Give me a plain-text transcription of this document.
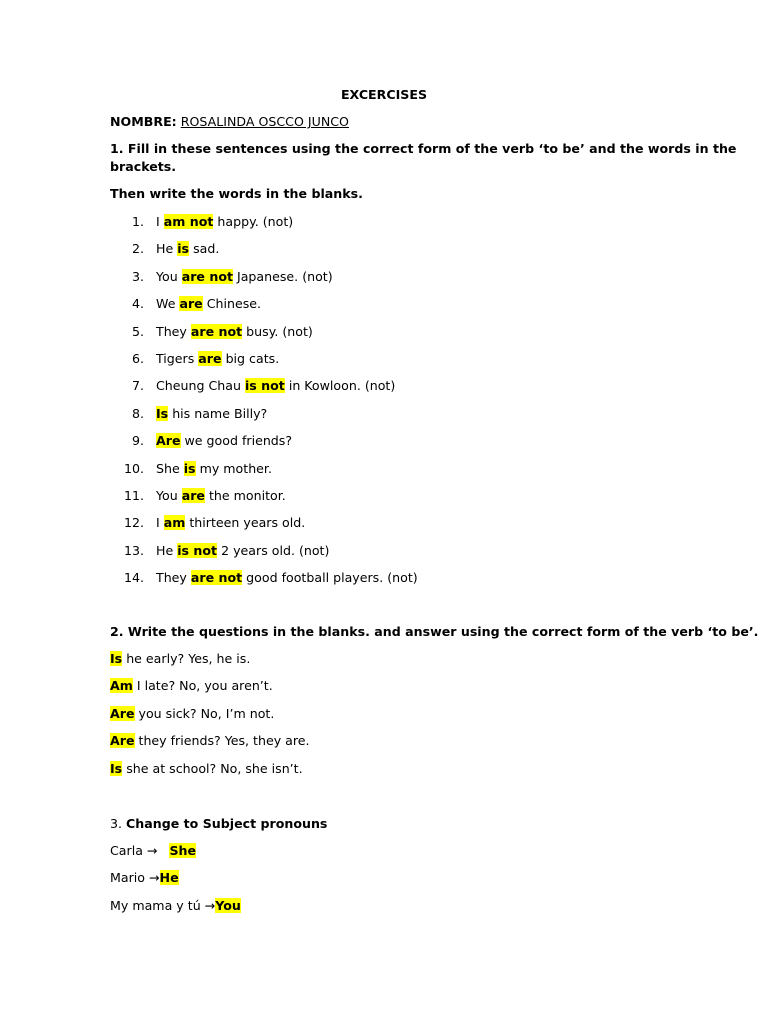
EXCERCISES
NOMBRE: ROSALINDA OSCCO JUNCO
1. Fill in these sentences using the correct form of the verb ‘to be’ and the words in the
brackets.
Then write the words in the blanks.
1. I am not happy. (not)
2. He is sad.
3. You are not Japanese. (not)
4. We are Chinese.
5. They are not busy. (not)
6. Tigers are big cats.
7. Cheung Chau is not in Kowloon. (not)
8. Is his name Billy?
9. Are we good friends?
10. She is my mother.
11. You are the monitor.
12. I am thirteen years old.
13. He is not 2 years old. (not)
14. They are not good football players. (not)
2. Write the questions in the blanks. and answer using the correct form of the verb ‘to be’.
Is he early? Yes, he is.
Am I late? No, you aren’t.
Are you sick? No, I’m not.
Are they friends? Yes, they are.
Is she at school? No, she isn’t.
3. Change to Subject pronouns
Carla →   She
Mario →He
My mama y tú →You
